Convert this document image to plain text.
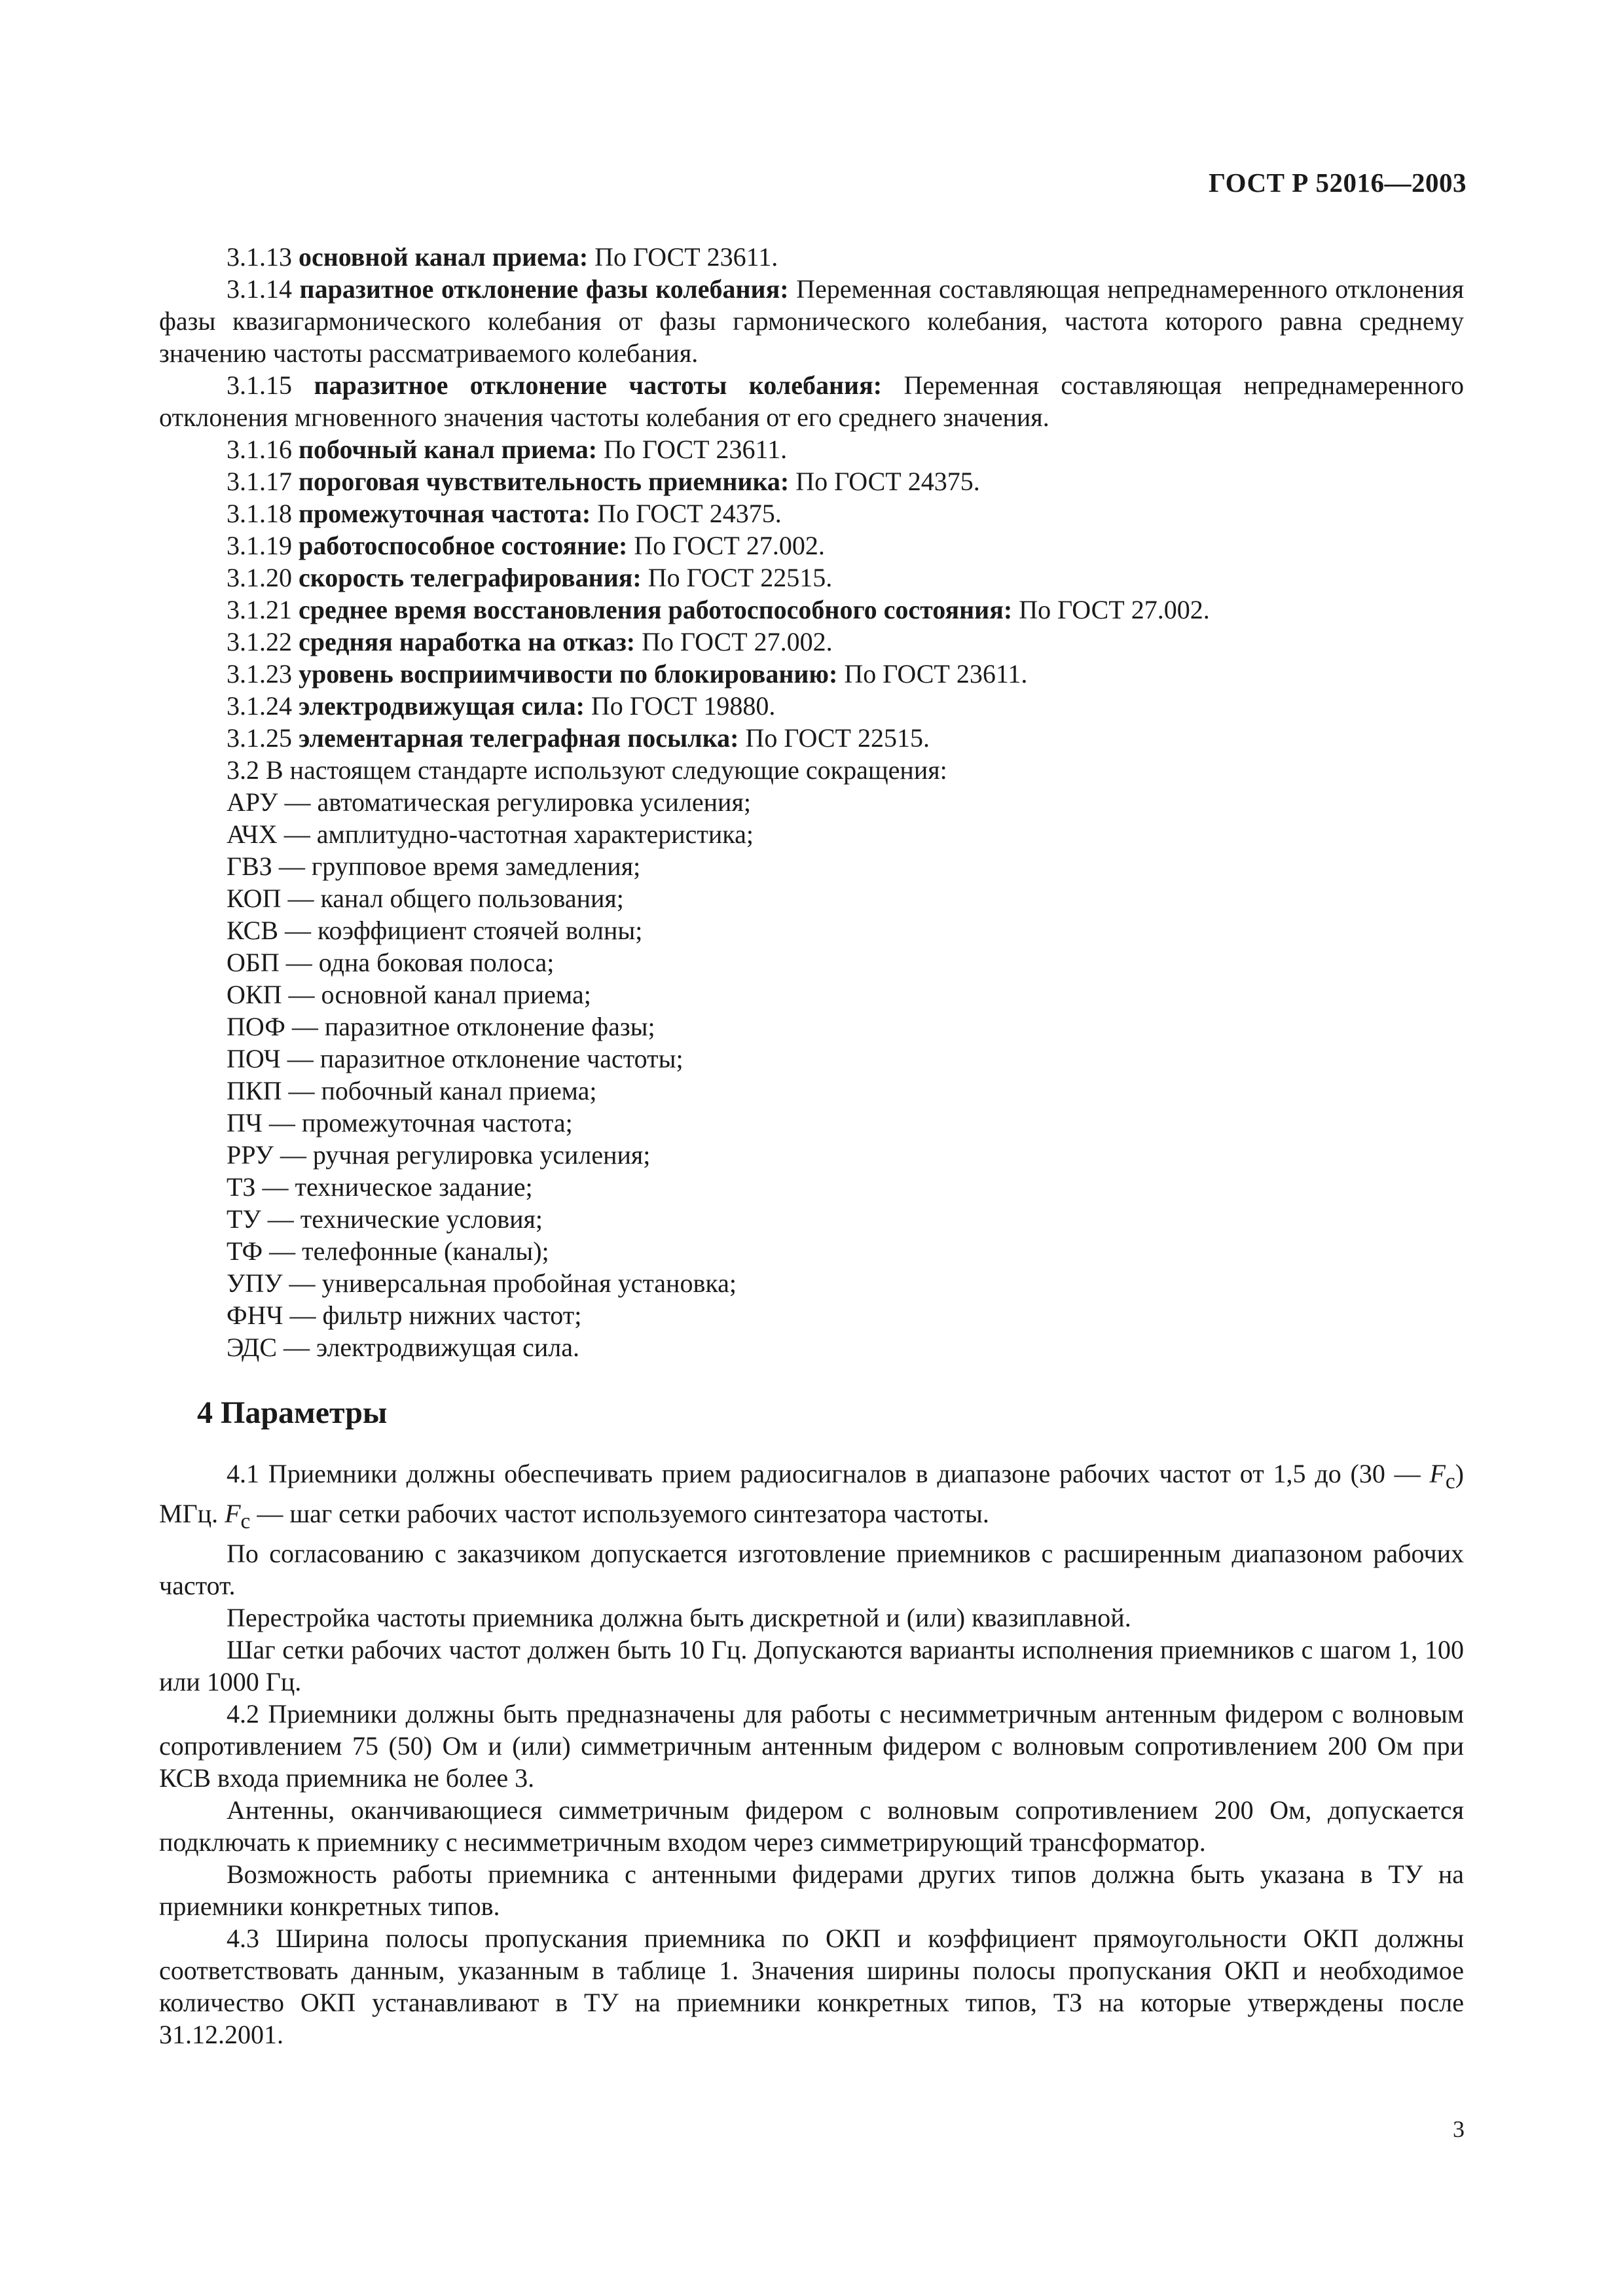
ГОСТ Р 52016—2003

3.1.13 основной канал приема: По ГОСТ 23611.

3.1.14 паразитное отклонение фазы колебания: Переменная составляющая непреднамеренного отклонения фазы квазигармонического колебания от фазы гармонического колебания, частота которого равна среднему значению частоты рассматриваемого колебания.

3.1.15 паразитное отклонение частоты колебания: Переменная составляющая непреднамеренного отклонения мгновенного значения частоты колебания от его среднего значения.

3.1.16 побочный канал приема: По ГОСТ 23611.

3.1.17 пороговая чувствительность приемника: По ГОСТ 24375.

3.1.18 промежуточная частота: По ГОСТ 24375.

3.1.19 работоспособное состояние: По ГОСТ 27.002.

3.1.20 скорость телеграфирования: По ГОСТ 22515.

3.1.21 среднее время восстановления работоспособного состояния: По ГОСТ 27.002.

3.1.22 средняя наработка на отказ: По ГОСТ 27.002.

3.1.23 уровень восприимчивости по блокированию: По ГОСТ 23611.

3.1.24 электродвижущая сила: По ГОСТ 19880.

3.1.25 элементарная телеграфная посылка: По ГОСТ 22515.

3.2 В настоящем стандарте используют следующие сокращения:

АРУ — автоматическая регулировка усиления;

АЧХ — амплитудно-частотная характеристика;

ГВЗ — групповое время замедления;

КОП — канал общего пользования;

КСВ — коэффициент стоячей волны;

ОБП — одна боковая полоса;

ОКП — основной канал приема;

ПОФ — паразитное отклонение фазы;

ПОЧ — паразитное отклонение частоты;

ПКП — побочный канал приема;

ПЧ — промежуточная частота;

РРУ — ручная регулировка усиления;

ТЗ — техническое задание;

ТУ — технические условия;

ТФ — телефонные (каналы);

УПУ — универсальная пробойная установка;

ФНЧ — фильтр нижних частот;

ЭДС — электродвижущая сила.

4 Параметры

4.1 Приемники должны обеспечивать прием радиосигналов в диапазоне рабочих частот от 1,5 до (30 — $F_с$) МГц. $F_с$ — шаг сетки рабочих частот используемого синтезатора частоты.

По согласованию с заказчиком допускается изготовление приемников с расширенным диапазоном рабочих частот.

Перестройка частоты приемника должна быть дискретной и (или) квазиплавной.

Шаг сетки рабочих частот должен быть 10 Гц. Допускаются варианты исполнения приемников с шагом 1, 100 или 1000 Гц.

4.2 Приемники должны быть предназначены для работы с несимметричным антенным фидером с волновым сопротивлением 75 (50) Ом и (или) симметричным антенным фидером с волновым сопротивлением 200 Ом при КСВ входа приемника не более 3.

Антенны, оканчивающиеся симметричным фидером с волновым сопротивлением 200 Ом, допускается подключать к приемнику с несимметричным входом через симметрирующий трансформатор.

Возможность работы приемника с антенными фидерами других типов должна быть указана в ТУ на приемники конкретных типов.

4.3 Ширина полосы пропускания приемника по ОКП и коэффициент прямоугольности ОКП должны соответствовать данным, указанным в таблице 1. Значения ширины полосы пропускания ОКП и необходимое количество ОКП устанавливают в ТУ на приемники конкретных типов, ТЗ на которые утверждены после 31.12.2001.

3
